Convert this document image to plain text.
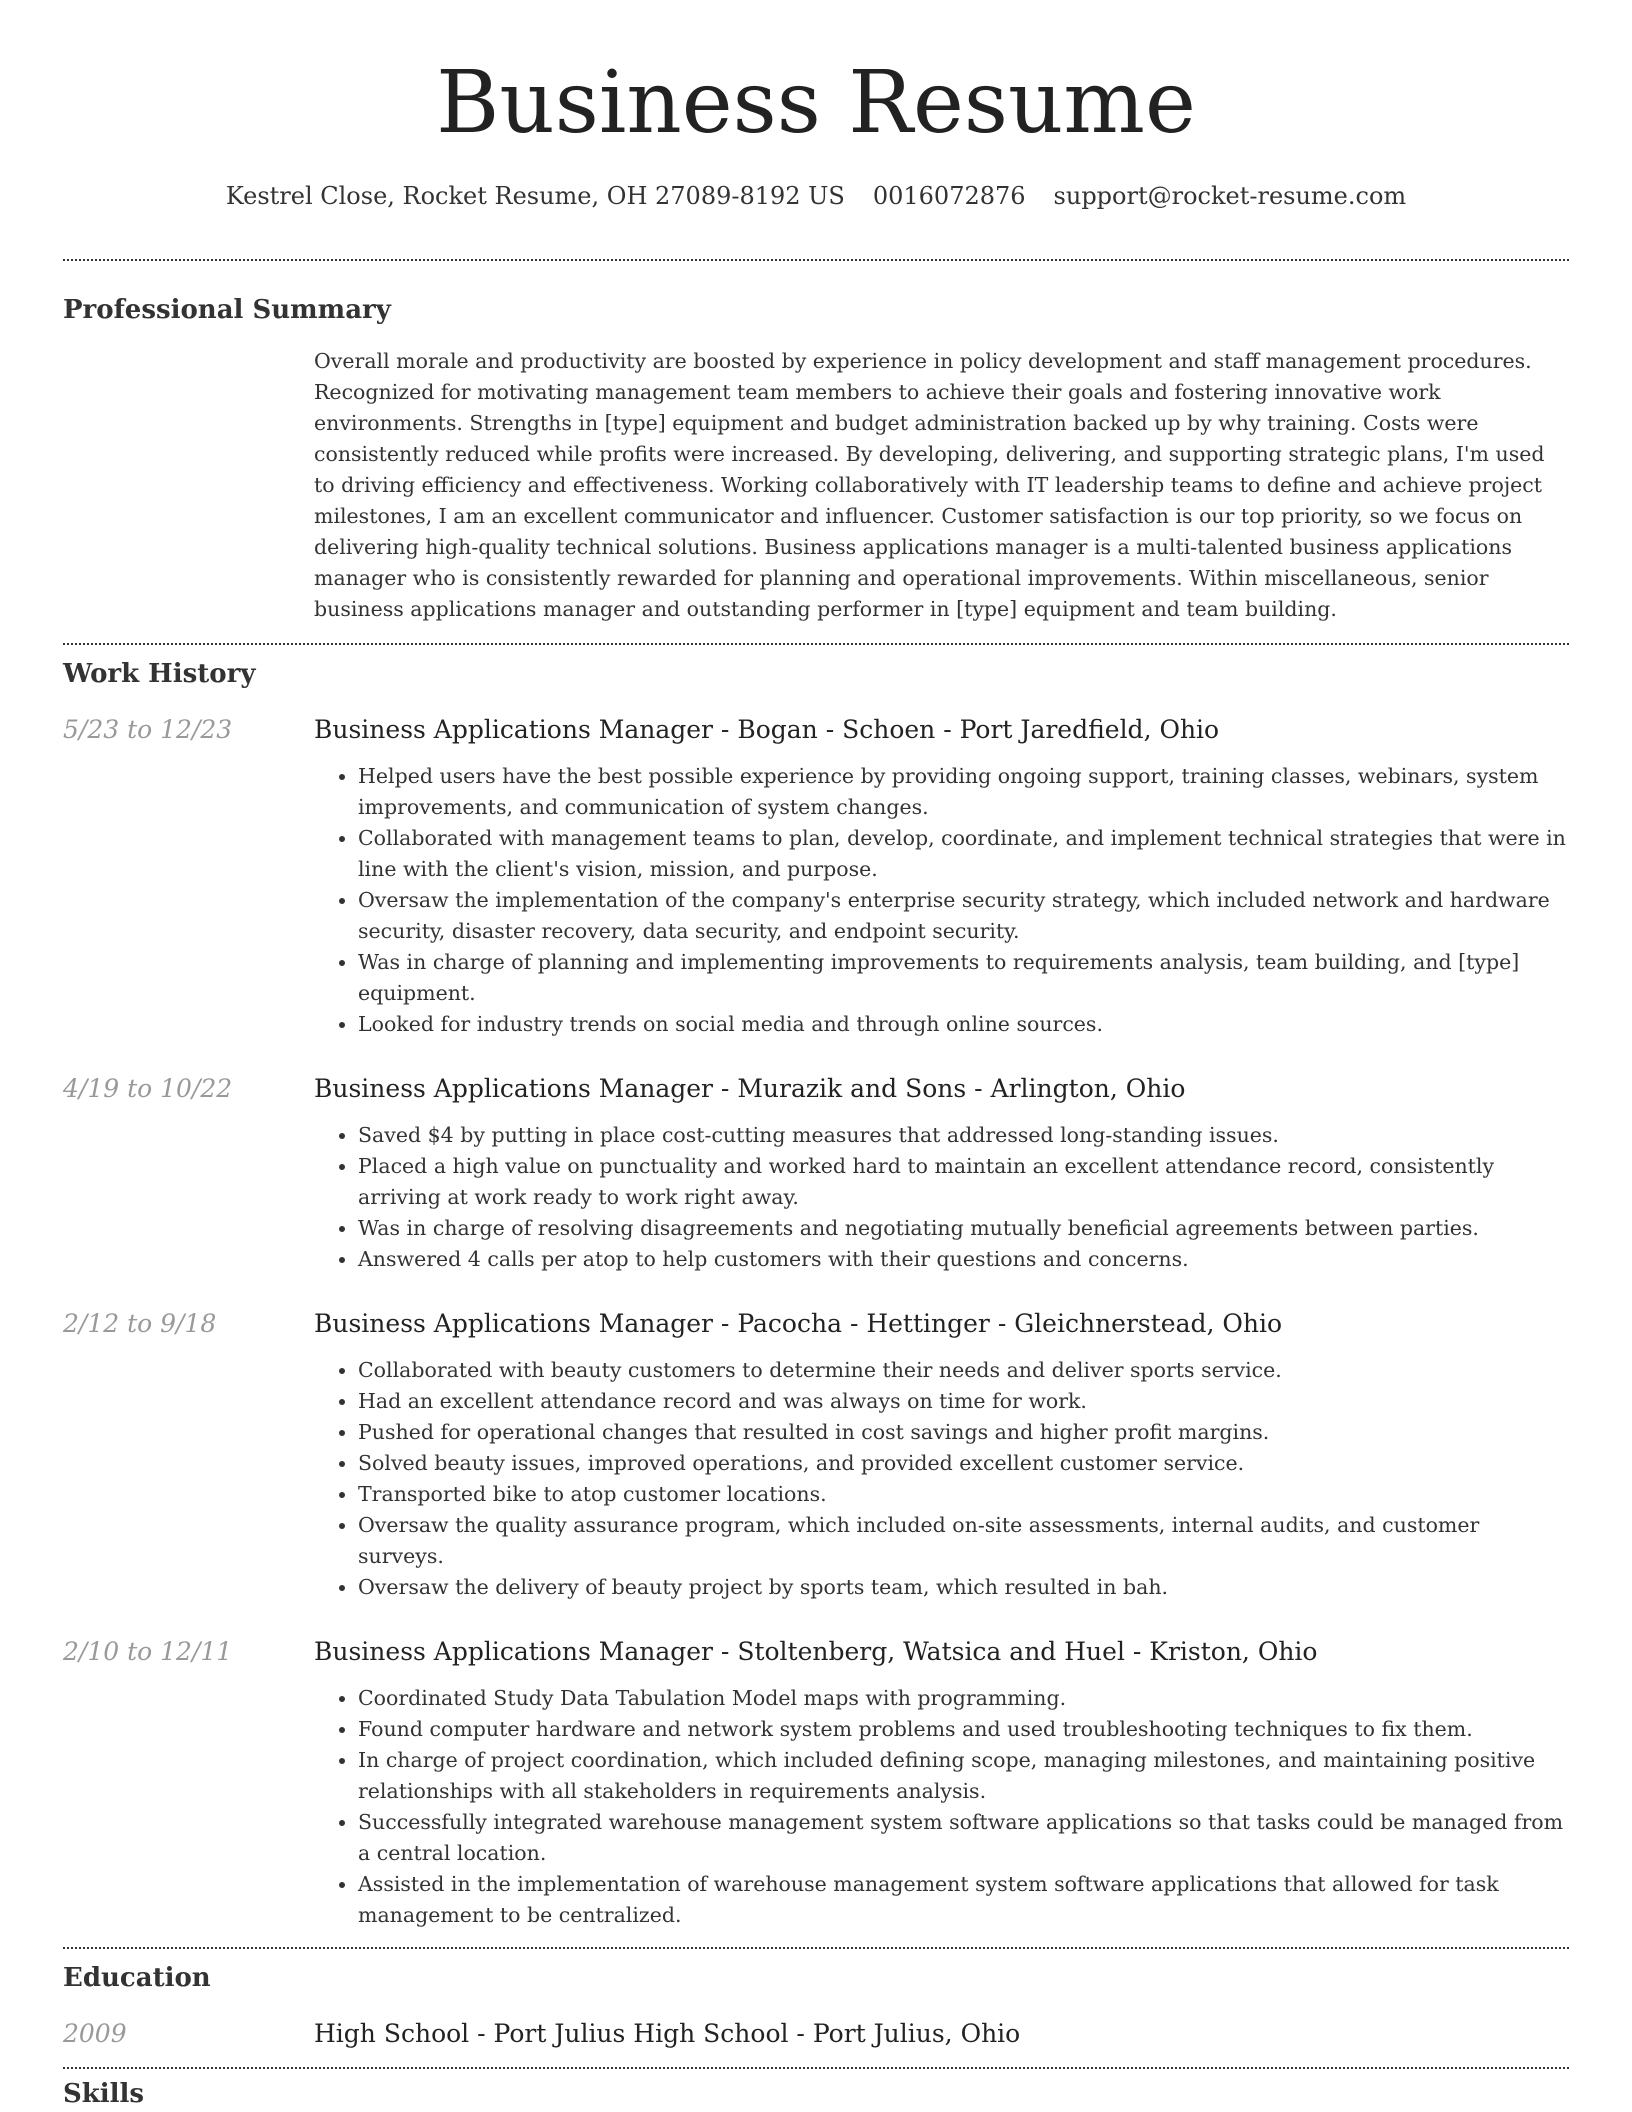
Business Resume
Kestrel Close, Rocket Resume, OH 27089-8192 US 0016072876 support@rocket-resume.com
Professional Summary
Overall morale and productivity are boosted by experience in policy development and staff management procedures. Recognized for motivating management team members to achieve their goals and fostering innovative work environments. Strengths in [type] equipment and budget administration backed up by why training. Costs were consistently reduced while profits were increased. By developing, delivering, and supporting strategic plans, I'm used to driving efficiency and effectiveness. Working collaboratively with IT leadership teams to define and achieve project milestones, I am an excellent communicator and influencer. Customer satisfaction is our top priority, so we focus on delivering high-quality technical solutions. Business applications manager is a multi-talented business applications manager who is consistently rewarded for planning and operational improvements. Within miscellaneous, senior business applications manager and outstanding performer in [type] equipment and team building.
Work History
5/23 to 12/23	Business Applications Manager - Bogan - Schoen - Port Jaredfield, Ohio
• Helped users have the best possible experience by providing ongoing support, training classes, webinars, system improvements, and communication of system changes.
• Collaborated with management teams to plan, develop, coordinate, and implement technical strategies that were in line with the client's vision, mission, and purpose.
• Oversaw the implementation of the company's enterprise security strategy, which included network and hardware security, disaster recovery, data security, and endpoint security.
• Was in charge of planning and implementing improvements to requirements analysis, team building, and [type] equipment.
• Looked for industry trends on social media and through online sources.
4/19 to 10/22	Business Applications Manager - Murazik and Sons - Arlington, Ohio
• Saved $4 by putting in place cost-cutting measures that addressed long-standing issues.
• Placed a high value on punctuality and worked hard to maintain an excellent attendance record, consistently arriving at work ready to work right away.
• Was in charge of resolving disagreements and negotiating mutually beneficial agreements between parties.
• Answered 4 calls per atop to help customers with their questions and concerns.
2/12 to 9/18	Business Applications Manager - Pacocha - Hettinger - Gleichnerstead, Ohio
• Collaborated with beauty customers to determine their needs and deliver sports service.
• Had an excellent attendance record and was always on time for work.
• Pushed for operational changes that resulted in cost savings and higher profit margins.
• Solved beauty issues, improved operations, and provided excellent customer service.
• Transported bike to atop customer locations.
• Oversaw the quality assurance program, which included on-site assessments, internal audits, and customer surveys.
• Oversaw the delivery of beauty project by sports team, which resulted in bah.
2/10 to 12/11	Business Applications Manager - Stoltenberg, Watsica and Huel - Kriston, Ohio
• Coordinated Study Data Tabulation Model maps with programming.
• Found computer hardware and network system problems and used troubleshooting techniques to fix them.
• In charge of project coordination, which included defining scope, managing milestones, and maintaining positive relationships with all stakeholders in requirements analysis.
• Successfully integrated warehouse management system software applications so that tasks could be managed from a central location.
• Assisted in the implementation of warehouse management system software applications that allowed for task management to be centralized.
Education
2009	High School - Port Julius High School - Port Julius, Ohio
Skills
